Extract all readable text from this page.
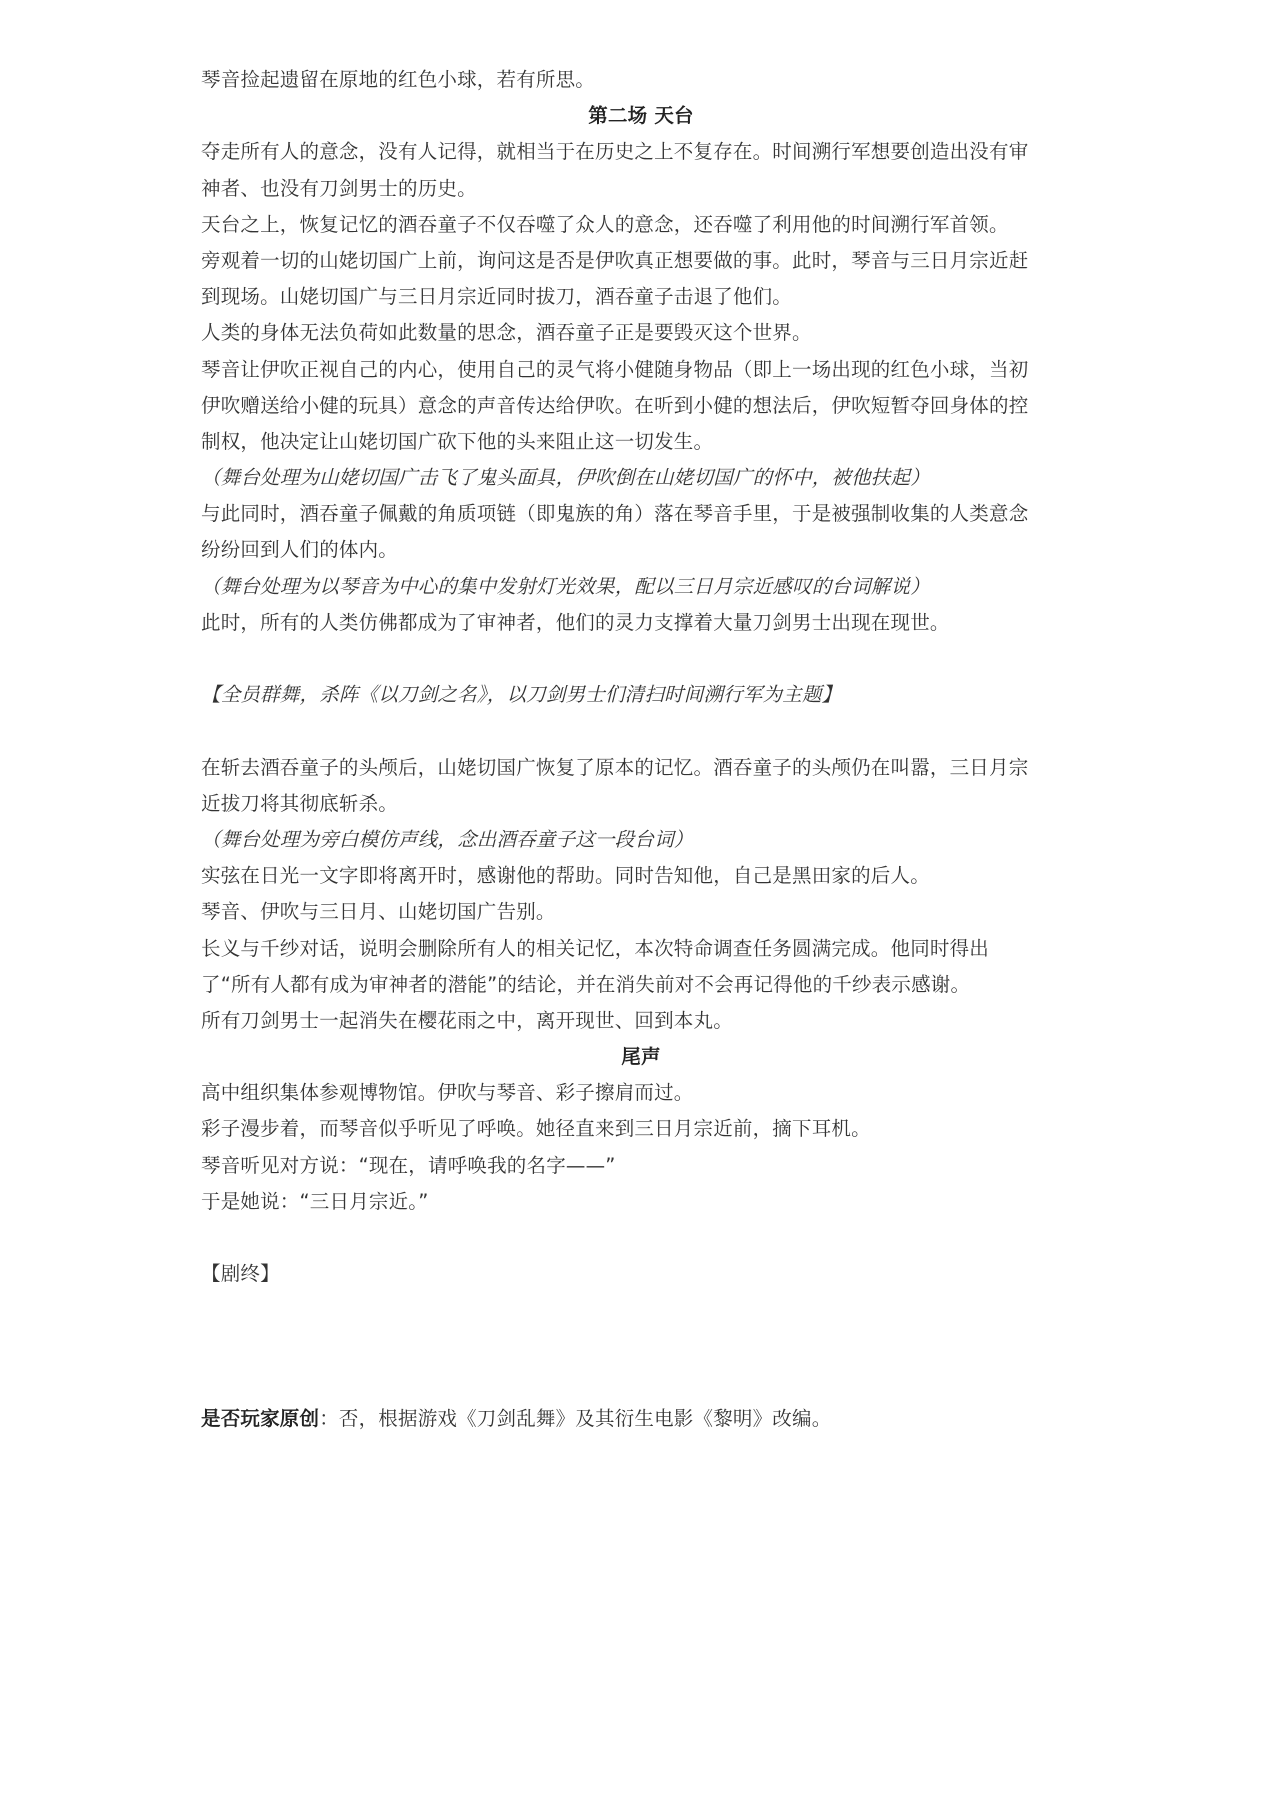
琴音捡起遗留在原地的红色小球，若有所思。
第二场 天台
夺走所有人的意念，没有人记得，就相当于在历史之上不复存在。时间溯行军想要创造出没有审
神者、也没有刀剑男士的历史。
天台之上，恢复记忆的酒吞童子不仅吞噬了众人的意念，还吞噬了利用他的时间溯行军首领。
旁观着一切的山姥切国广上前，询问这是否是伊吹真正想要做的事。此时，琴音与三日月宗近赶
到现场。山姥切国广与三日月宗近同时拔刀，酒吞童子击退了他们。
人类的身体无法负荷如此数量的思念，酒吞童子正是要毁灭这个世界。
琴音让伊吹正视自己的内心，使用自己的灵气将小健随身物品（即上一场出现的红色小球，当初
伊吹赠送给小健的玩具）意念的声音传达给伊吹。在听到小健的想法后，伊吹短暂夺回身体的控
制权，他决定让山姥切国广砍下他的头来阻止这一切发生。
（舞台处理为山姥切国广击飞了鬼头面具，伊吹倒在山姥切国广的怀中，被他扶起）
与此同时，酒吞童子佩戴的角质项链（即鬼族的角）落在琴音手里，于是被强制收集的人类意念
纷纷回到人们的体内。
（舞台处理为以琴音为中心的集中发射灯光效果，配以三日月宗近感叹的台词解说）
此时，所有的人类仿佛都成为了审神者，他们的灵力支撑着大量刀剑男士出现在现世。
【全员群舞，杀阵《以刀剑之名》，以刀剑男士们清扫时间溯行军为主题】
在斩去酒吞童子的头颅后，山姥切国广恢复了原本的记忆。酒吞童子的头颅仍在叫嚣，三日月宗
近拔刀将其彻底斩杀。
（舞台处理为旁白模仿声线，念出酒吞童子这一段台词）
实弦在日光一文字即将离开时，感谢他的帮助。同时告知他，自己是黑田家的后人。
琴音、伊吹与三日月、山姥切国广告别。
长义与千纱对话，说明会删除所有人的相关记忆，本次特命调查任务圆满完成。他同时得出
了“所有人都有成为审神者的潜能”的结论，并在消失前对不会再记得他的千纱表示感谢。
所有刀剑男士一起消失在樱花雨之中，离开现世、回到本丸。
尾声
高中组织集体参观博物馆。伊吹与琴音、彩子擦肩而过。
彩子漫步着，而琴音似乎听见了呼唤。她径直来到三日月宗近前，摘下耳机。
琴音听见对方说：“现在，请呼唤我的名字——”
于是她说：“三日月宗近。”
【剧终】
是否玩家原创：否，根据游戏《刀剑乱舞》及其衍生电影《黎明》改编。
